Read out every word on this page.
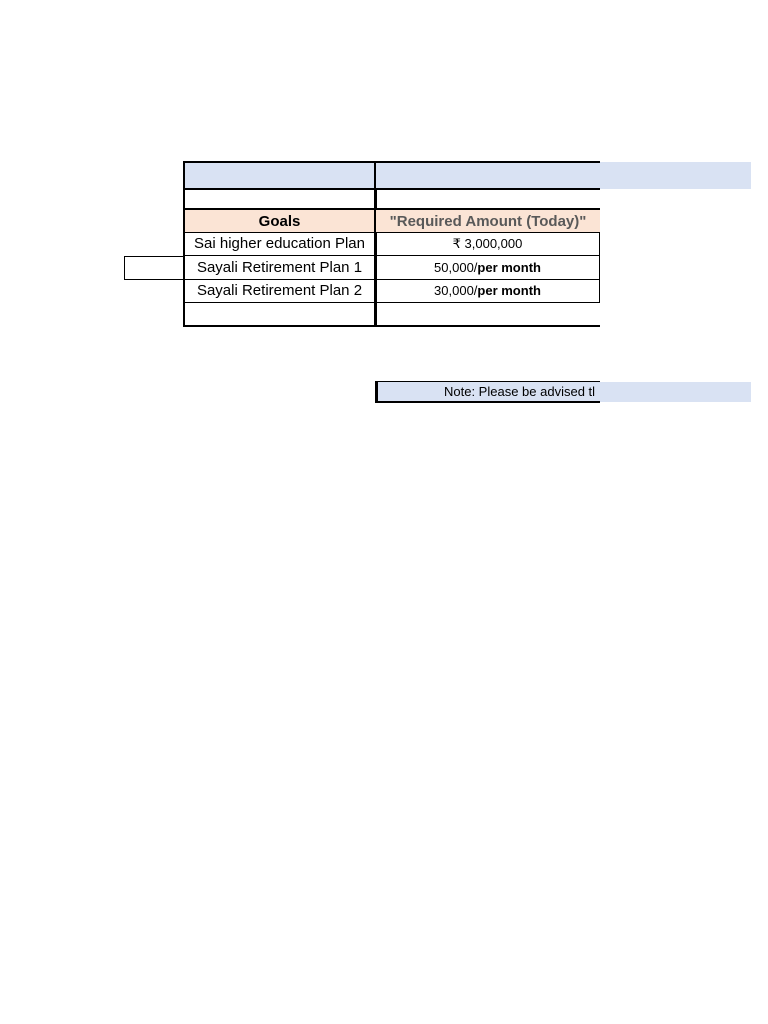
Goals	"Required Amount (Today)"
Sai higher education Plan	₹ 3,000,000
Sayali Retirement Plan 1	50,000/ per month
Sayali Retirement Plan 2	30,000/ per month
Note: Please be advised tl
